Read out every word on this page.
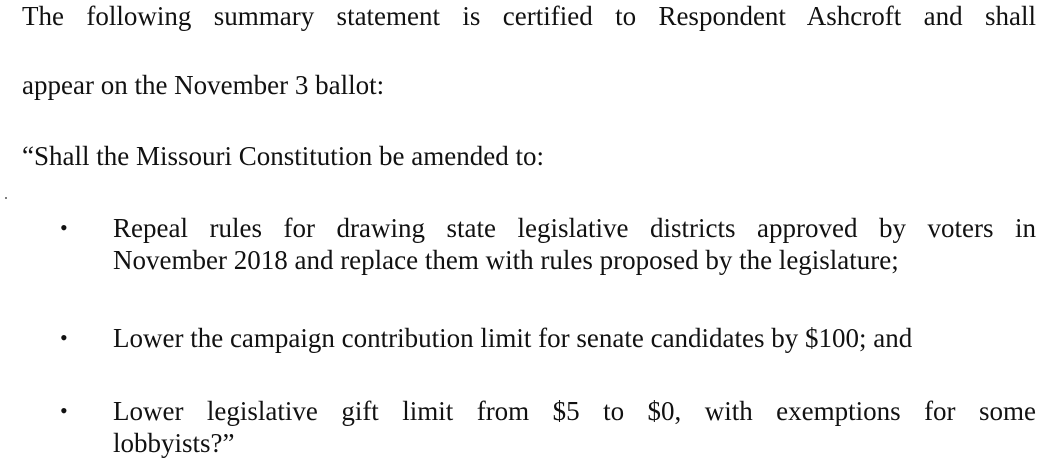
The following summary statement is certified to Respondent Ashcroft and shall
appear on the November 3 ballot:
“Shall the Missouri Constitution be amended to:
•	Repeal rules for drawing state legislative districts approved by voters in
November 2018 and replace them with rules proposed by the legislature;
•	Lower the campaign contribution limit for senate candidates by $100; and
•	Lower legislative gift limit from $5 to $0, with exemptions for some
lobbyists?”
